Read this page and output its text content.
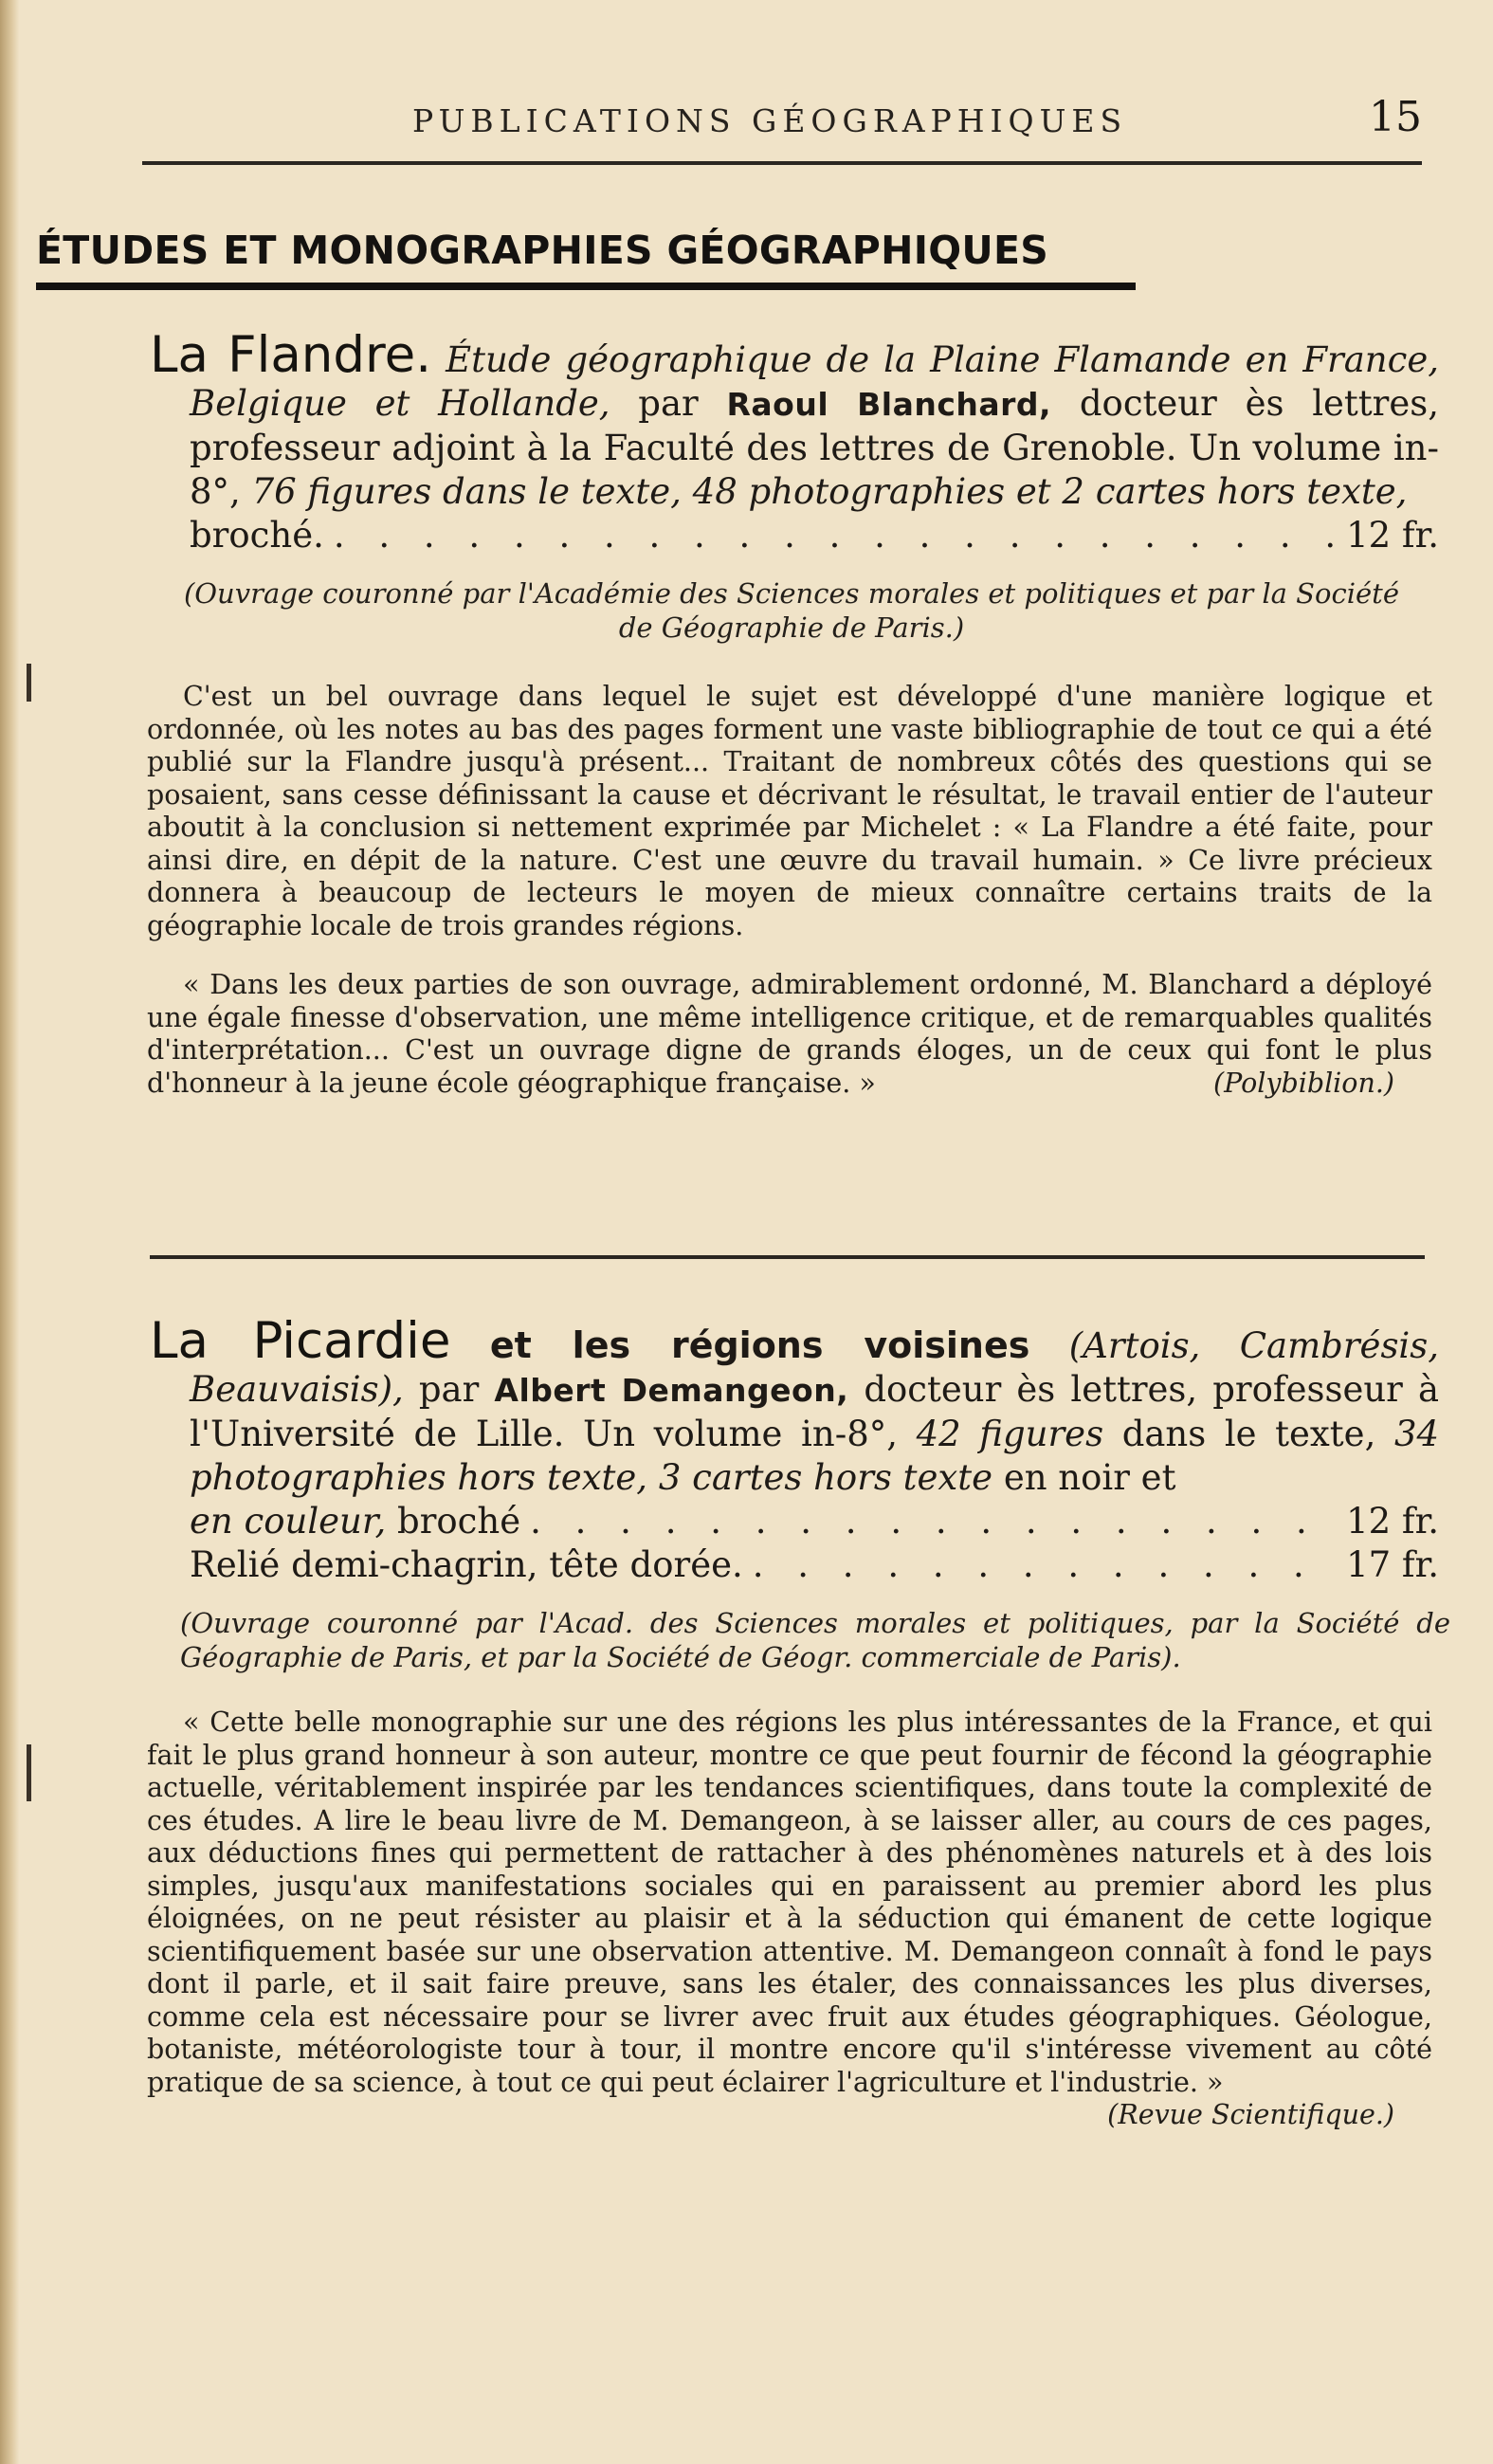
PUBLICATIONS GÉOGRAPHIQUES	15
ÉTUDES ET MONOGRAPHIES GÉOGRAPHIQUES

La Flandre. Étude géographique de la Plaine Flamande en France, Belgique et Hollande, par Raoul Blanchard, docteur ès lettres, professeur adjoint à la Faculté des lettres de Grenoble. Un volume in-8°, 76 figures dans le texte, 48 photographies et 2 cartes hors texte,

broché. . . .	12 fr.
(Ouvrage couronné par l'Académie des Sciences morales et politiques et par la Société de Géographie de Paris.)

C'est un bel ouvrage dans lequel le sujet est développé d'une manière logique et ordonnée, où les notes au bas des pages forment une vaste bibliographie de tout ce qui a été publié sur la Flandre jusqu'à présent... Traitant de nombreux côtés des questions qui se posaient, sans cesse définissant la cause et décrivant le résultat, le travail entier de l'auteur aboutit à la conclusion si nettement exprimée par Michelet : « La Flandre a été faite, pour ainsi dire, en dépit de la nature. C'est une œuvre du travail humain. » Ce livre précieux donnera à beaucoup de lecteurs le moyen de mieux connaître certains traits de la géographie locale de trois grandes régions.

« Dans les deux parties de son ouvrage, admirablement ordonné, M. Blanchard a déployé une égale finesse d'observation, une même intelligence critique, et de remarquables qualités d'interprétation... C'est un ouvrage digne de grands éloges, un de ceux qui font le plus d'honneur à la jeune école géographique française. »	(Polybiblion.)

La Picardie et les régions voisines (Artois, Cambrésis, Beauvaisis), par Albert Demangeon, docteur ès lettres, professeur à l'Université de Lille. Un volume in-8°, 42 figures dans le texte, 34 photographies hors texte, 3 cartes hors texte en noir et

en couleur, broché . . .	12 fr.
Relié demi-chagrin, tête dorée. . . .	17 fr.
(Ouvrage couronné par l'Acad. des Sciences morales et politiques, par la Société de Géographie de Paris, et par la Société de Géogr. commerciale de Paris).

« Cette belle monographie sur une des régions les plus intéressantes de la France, et qui fait le plus grand honneur à son auteur, montre ce que peut fournir de fécond la géographie actuelle, véritablement inspirée par les tendances scientifiques, dans toute la complexité de ces études. A lire le beau livre de M. Demangeon, à se laisser aller, au cours de ces pages, aux déductions fines qui permettent de rattacher à des phénomènes naturels et à des lois simples, jusqu'aux manifestations sociales qui en paraissent au premier abord les plus éloignées, on ne peut résister au plaisir et à la séduction qui émanent de cette logique scientifiquement basée sur une observation attentive. M. Demangeon connaît à fond le pays dont il parle, et il sait faire preuve, sans les étaler, des connaissances les plus diverses, comme cela est nécessaire pour se livrer avec fruit aux études géographiques. Géologue, botaniste, météorologiste tour à tour, il montre encore qu'il s'intéresse vivement au côté pratique de sa science, à tout ce qui peut éclairer l'agriculture et l'industrie. »
(Revue Scientifique.)
